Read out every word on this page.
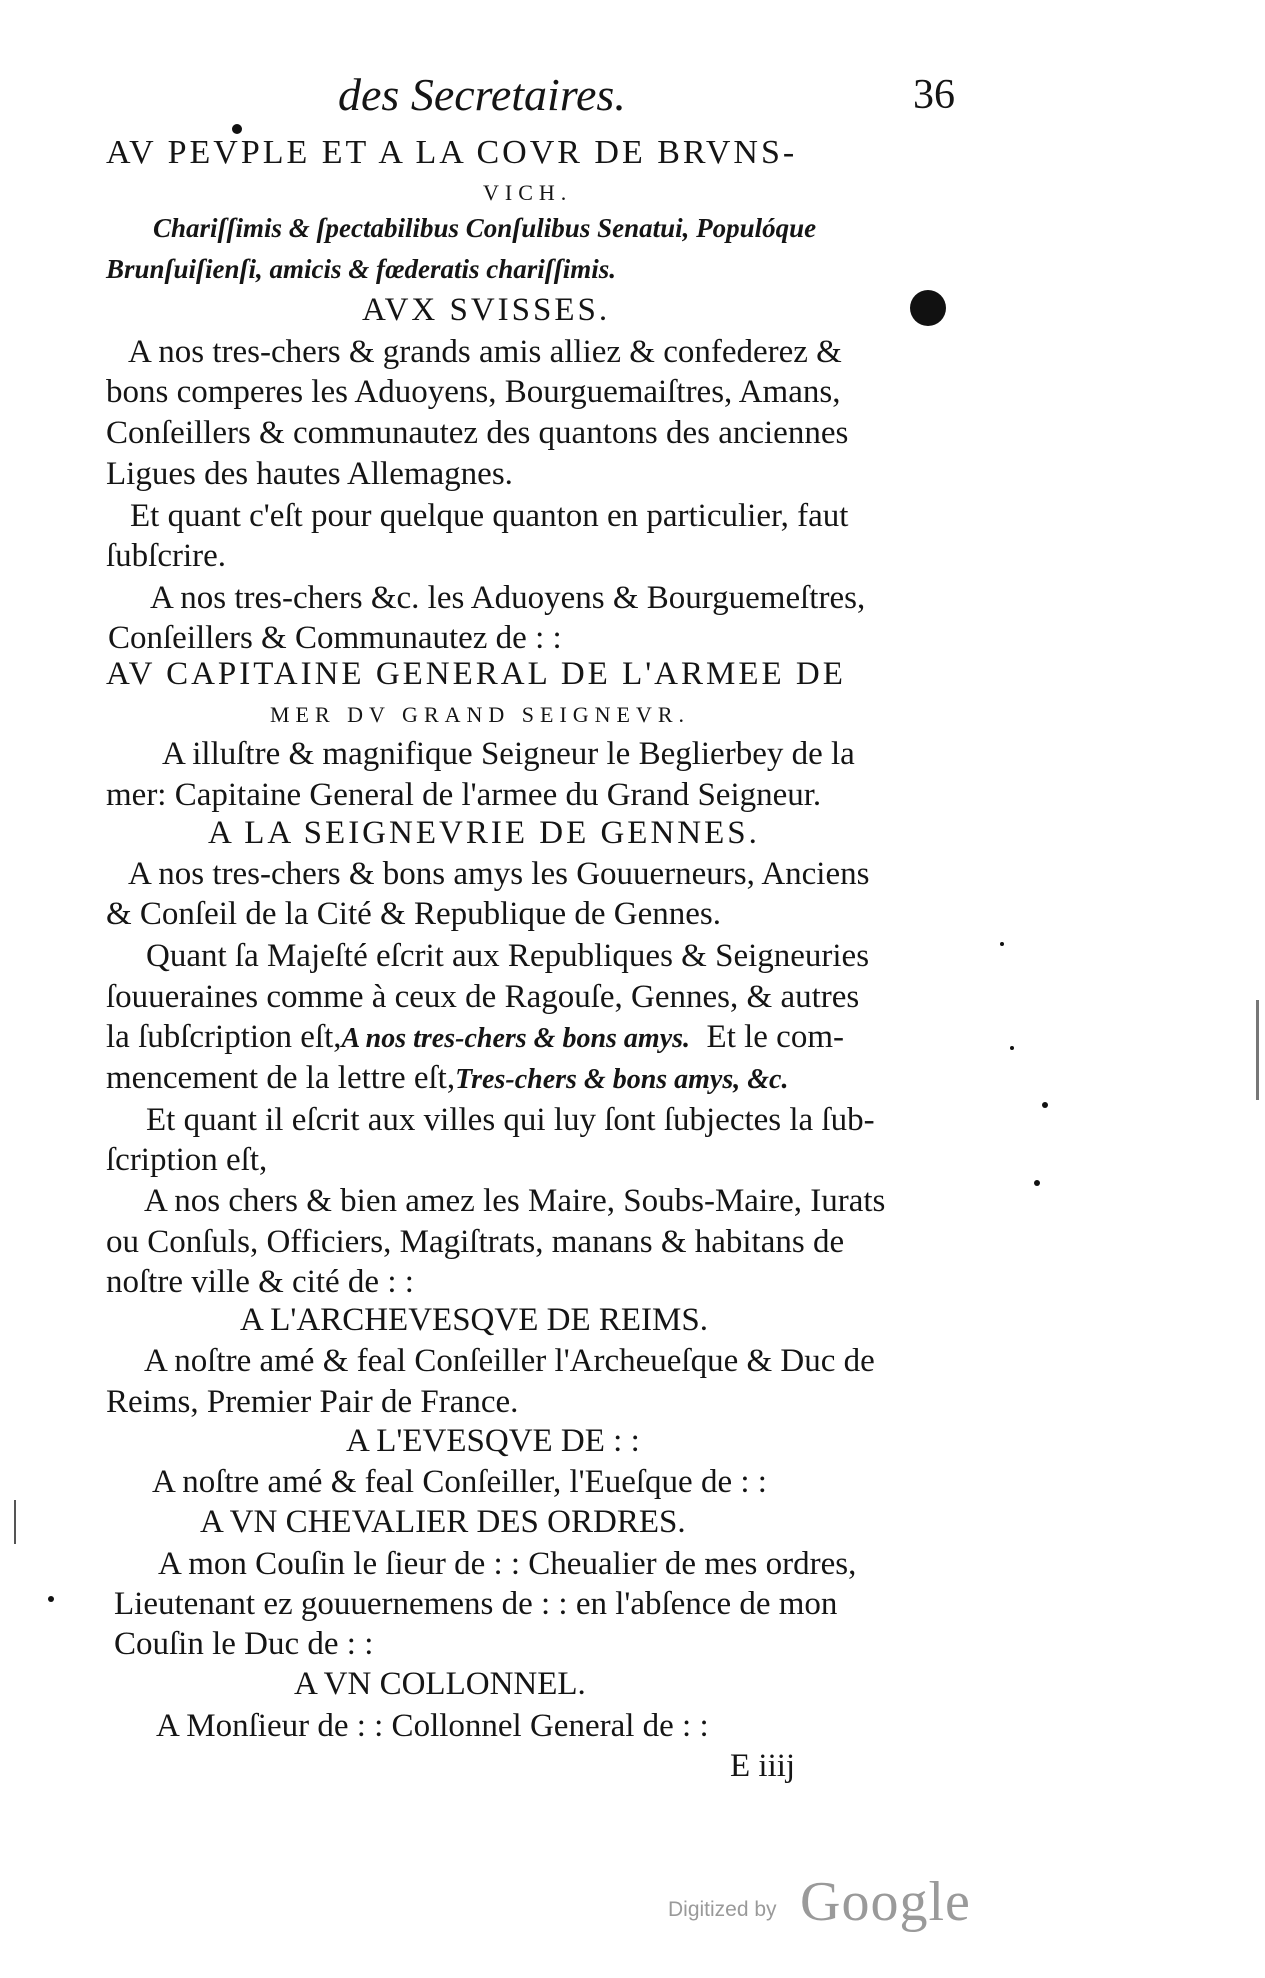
des Secretaires.	36
AV PEVPLE ET A LA COVR DE BRVNS-
VICH.
Chariſſimis & ſpectabilibus Conſulibus Senatui, Populóque
Brunſuiſienſi, amicis & fœderatis chariſſimis.
AVX SVISSES.
A nos tres-chers & grands amis alliez & confederez &
bons comperes les Aduoyens, Bourguemaiſtres, Amans,
Conſeillers & communautez des quantons des anciennes
Ligues des hautes Allemagnes.
Et quant c'eſt pour quelque quanton en particulier, faut
ſubſcrire.
A nos tres-chers &c. les Aduoyens & Bourguemeſtres,
Conſeillers & Communautez de : :
AV CAPITAINE GENERAL DE L'ARMEE DE
MER DV GRAND SEIGNEVR.
A illuſtre & magnifique Seigneur le Beglierbey de la
mer: Capitaine General de l'armee du Grand Seigneur.
A LA SEIGNEVRIE DE GENNES.
A nos tres-chers & bons amys les Gouuerneurs, Anciens
& Conſeil de la Cité & Republique de Gennes.
Quant ſa Majeſté eſcrit aux Republiques & Seigneuries
ſouueraines comme à ceux de Ragouſe, Gennes, & autres
la ſubſcription eſt,A nos tres-chers & bons amys. Et le com-
mencement de la lettre eſt,Tres-chers & bons amys, &c.
Et quant il eſcrit aux villes qui luy ſont ſubjectes la ſub-
ſcription eſt,
A nos chers & bien amez les Maire, Soubs-Maire, Iurats
ou Conſuls, Officiers, Magiſtrats, manans & habitans de
noſtre ville & cité de : :
A L'ARCHEVESQVE DE REIMS.
A noſtre amé & feal Conſeiller l'Archeueſque & Duc de
Reims, Premier Pair de France.
A L'EVESQVE DE : :
A noſtre amé & feal Conſeiller, l'Eueſque de : :
A VN CHEVALIER DES ORDRES.
A mon Couſin le ſieur de : : Cheualier de mes ordres,
Lieutenant ez gouuernemens de : : en l'abſence de mon
Couſin le Duc de : :
A VN COLLONNEL.
A Monſieur de : : Collonnel General de : :
E iiij
Digitized by Google
